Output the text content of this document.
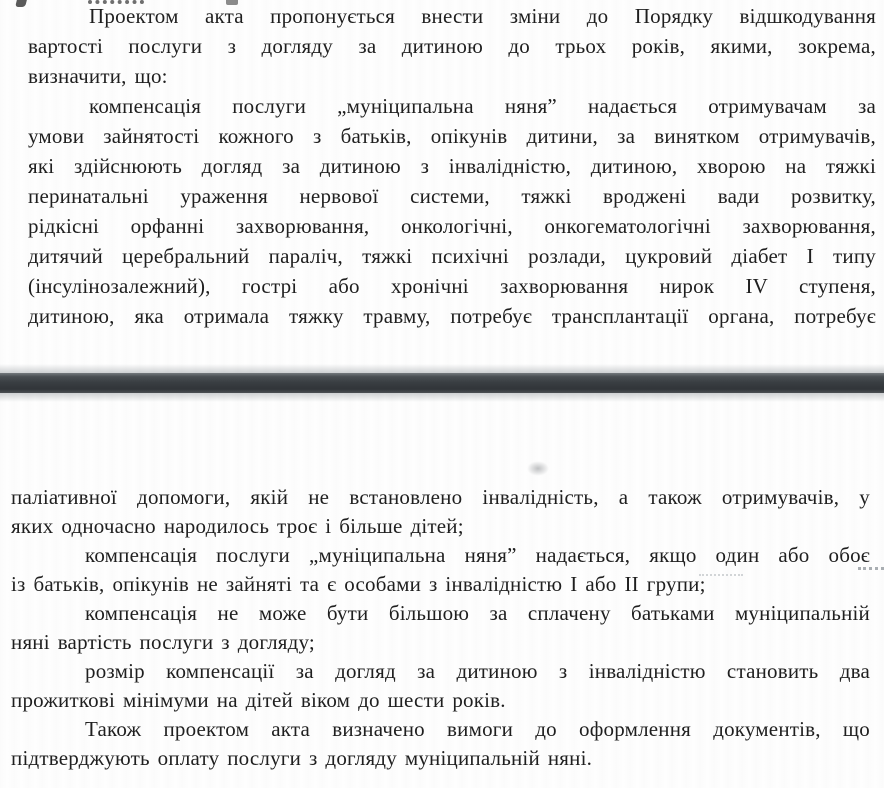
Проектом акта пропонується внести зміни до Порядку відшкодування
вартості послуги з догляду за дитиною до трьох років, якими, зокрема,
визначити, що:
компенсація послуги „муніципальна няня” надається отримувачам за
умови зайнятості кожного з батьків, опікунів дитини, за винятком отримувачів,
які здійснюють догляд за дитиною з інвалідністю, дитиною, хворою на тяжкі
перинатальні ураження нервової системи, тяжкі вроджені вади розвитку,
рідкісні орфанні захворювання, онкологічні, онкогематологічні захворювання,
дитячий церебральний параліч, тяжкі психічні розлади, цукровий діабет I типу
(інсулінозалежний), гострі або хронічні захворювання нирок IV ступеня,
дитиною, яка отримала тяжку травму, потребує трансплантації органа, потребує
паліативної допомоги, якій не встановлено інвалідність, а також отримувачів, у
яких одночасно народилось троє і більше дітей;
компенсація послуги „муніципальна няня” надається, якщо один або обоє
із батьків, опікунів не зайняті та є особами з інвалідністю I або II групи;
компенсація не може бути більшою за сплачену батьками муніципальній
няні вартість послуги з догляду;
розмір компенсації за догляд за дитиною з інвалідністю становить два
прожиткові мінімуми на дітей віком до шести років.
Також проектом акта визначено вимоги до оформлення документів, що
підтверджують оплату послуги з догляду муніципальній няні.
